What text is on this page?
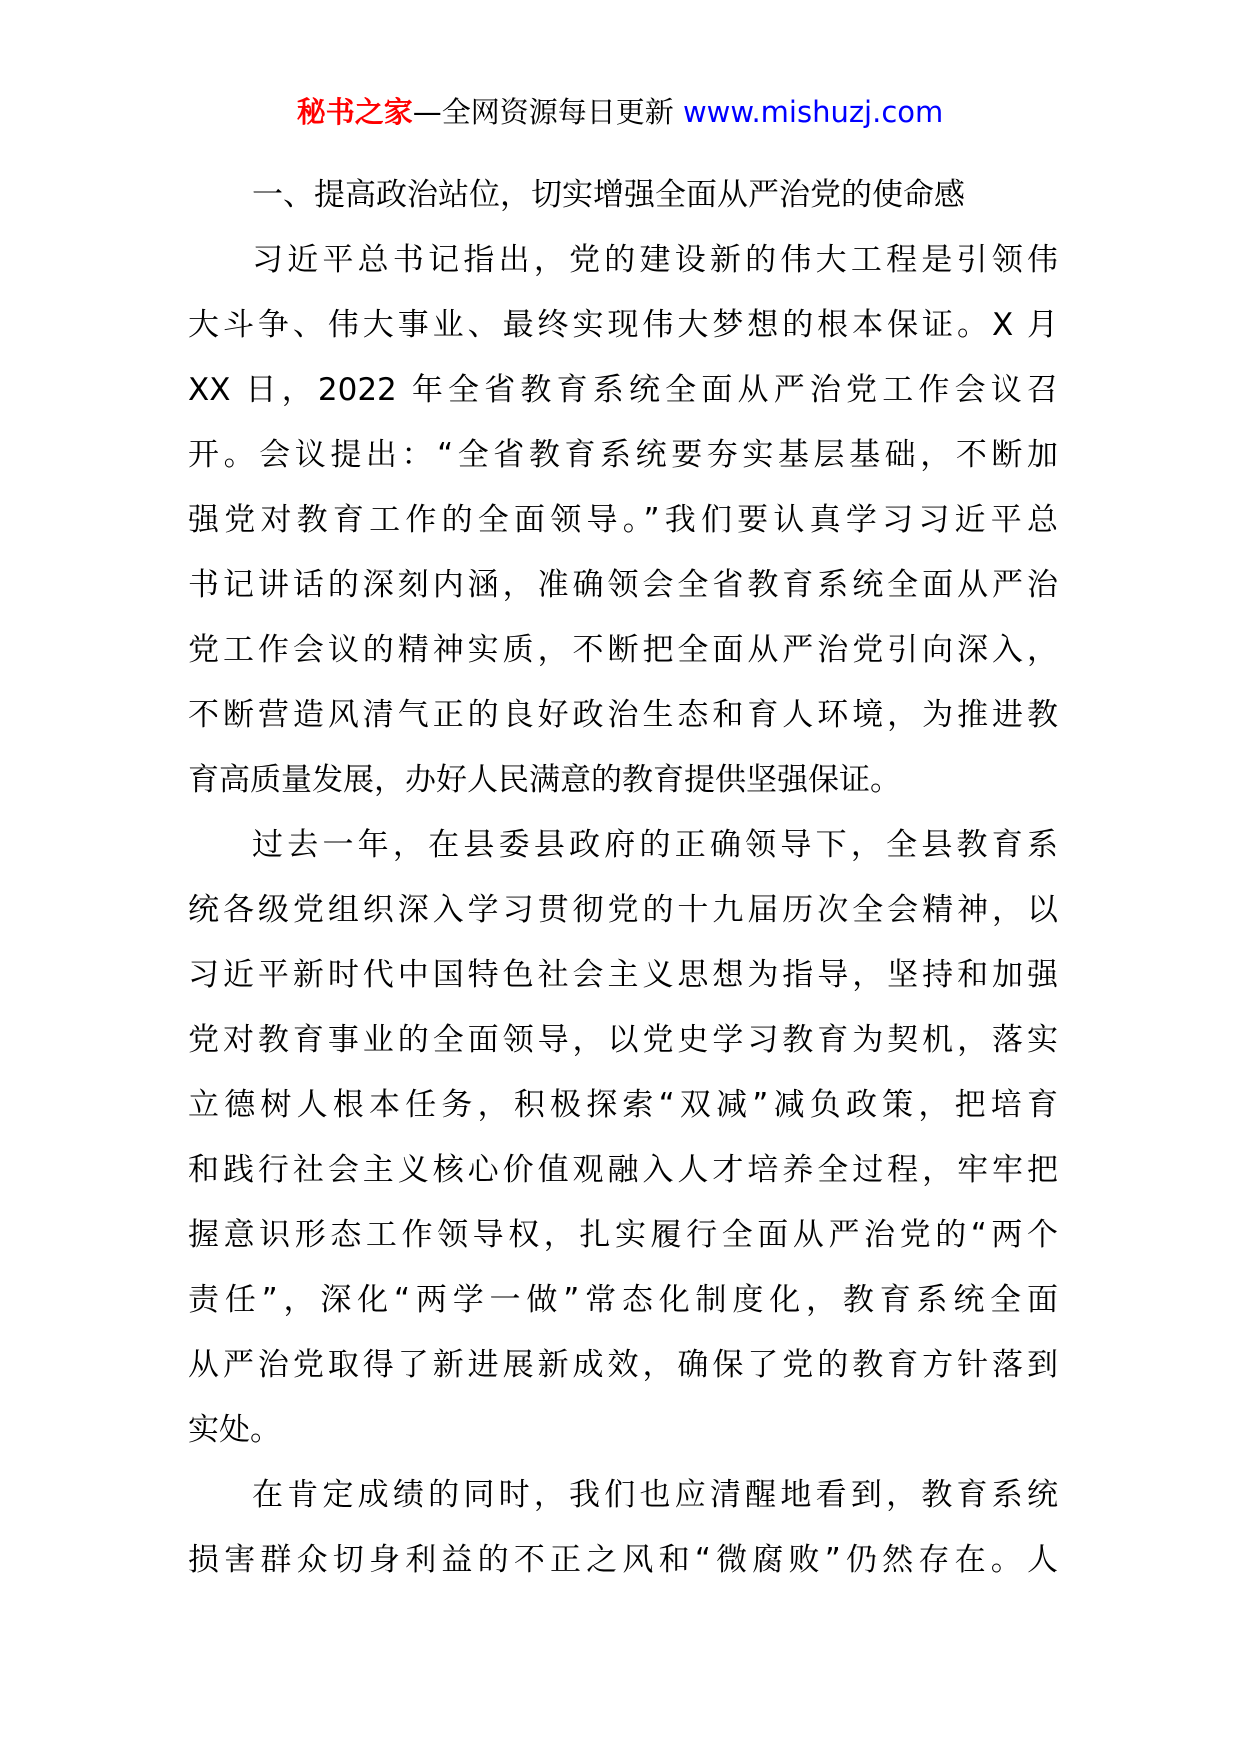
秘书之家—全网资源每日更新 www.mishuzj.com
一、提高政治站位，切实增强全面从严治党的使命感
习近平总书记指出，党的建设新的伟大工程是引领伟
大斗争、伟大事业、最终实现伟大梦想的根本保证。X 月
XX 日，2022 年全省教育系统全面从严治党工作会议召
开。会议提出：“全省教育系统要夯实基层基础，不断加
强党对教育工作的全面领导。”我们要认真学习习近平总
书记讲话的深刻内涵，准确领会全省教育系统全面从严治
党工作会议的精神实质，不断把全面从严治党引向深入，
不断营造风清气正的良好政治生态和育人环境，为推进教
育高质量发展，办好人民满意的教育提供坚强保证。
过去一年，在县委县政府的正确领导下，全县教育系
统各级党组织深入学习贯彻党的十九届历次全会精神，以
习近平新时代中国特色社会主义思想为指导，坚持和加强
党对教育事业的全面领导，以党史学习教育为契机，落实
立德树人根本任务，积极探索“双减”减负政策，把培育
和践行社会主义核心价值观融入人才培养全过程，牢牢把
握意识形态工作领导权，扎实履行全面从严治党的“两个
责任”，深化“两学一做”常态化制度化，教育系统全面
从严治党取得了新进展新成效，确保了党的教育方针落到
实处。
在肯定成绩的同时，我们也应清醒地看到，教育系统
损害群众切身利益的不正之风和“微腐败”仍然存在。人
